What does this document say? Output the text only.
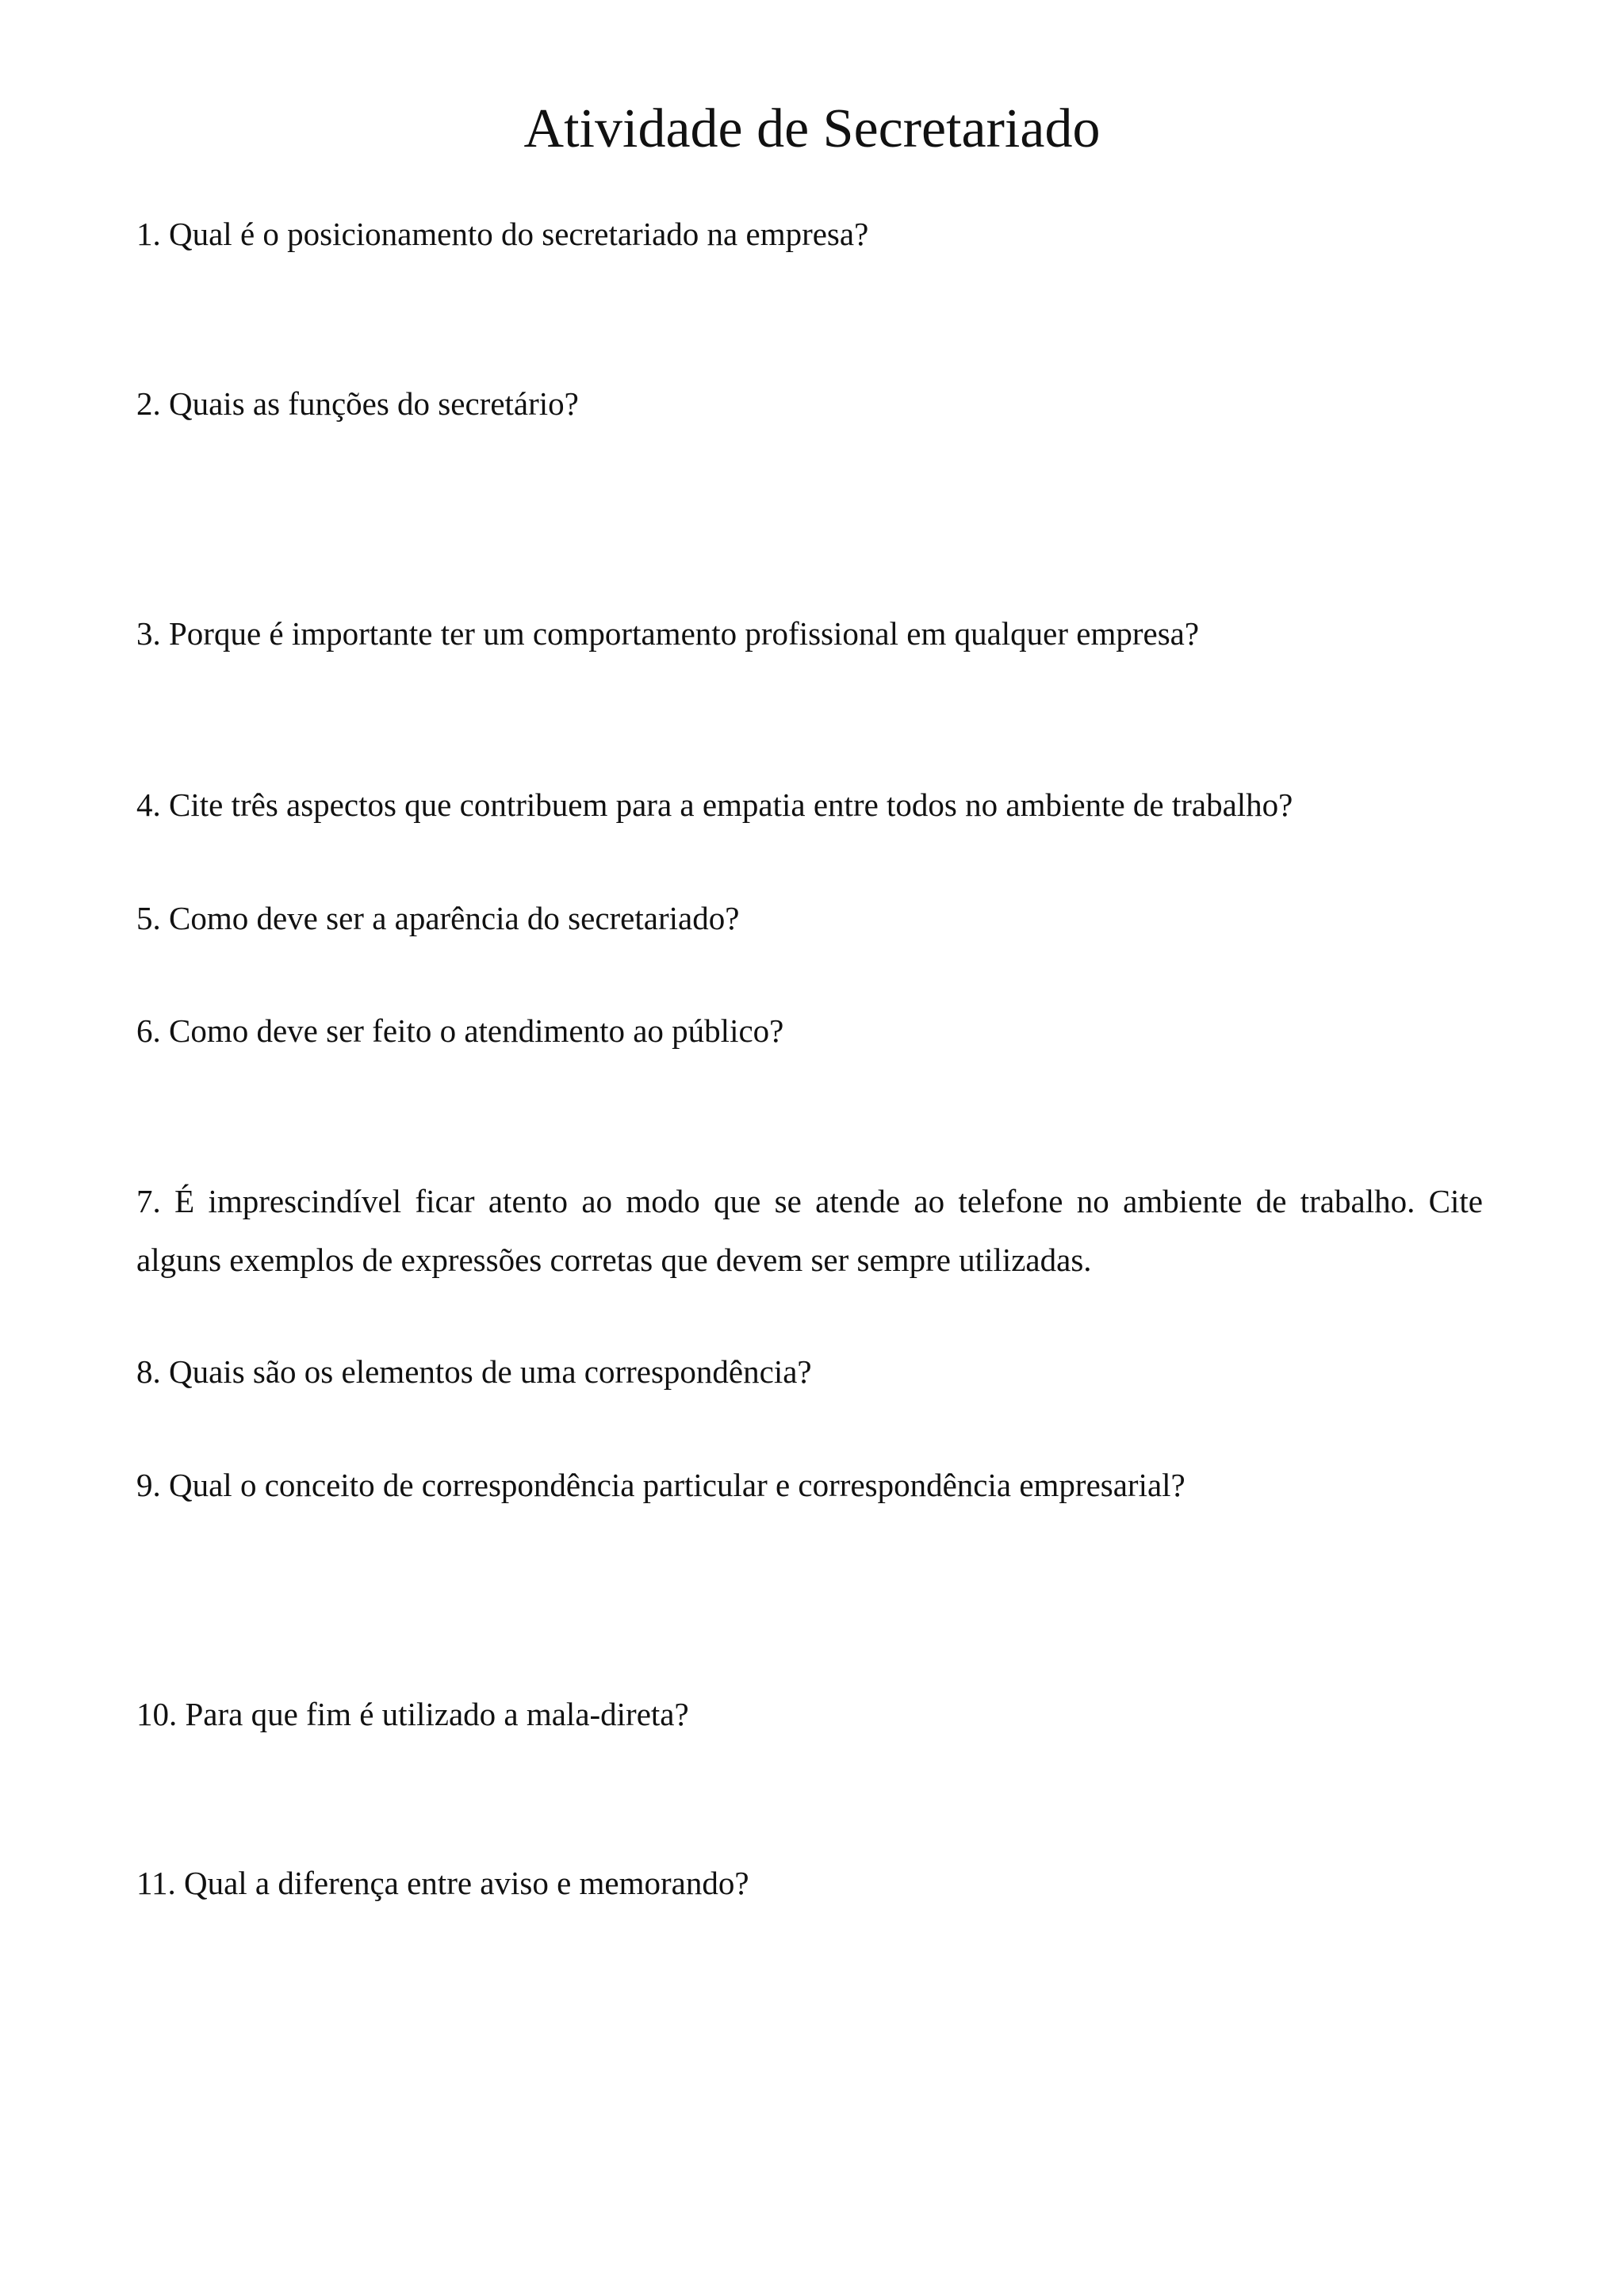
Atividade de Secretariado

1. Qual é o posicionamento do secretariado na empresa?

2. Quais as funções do secretário?

3. Porque é importante ter um comportamento profissional em qualquer empresa?

4. Cite três aspectos que contribuem para a empatia entre todos no ambiente de trabalho?

5. Como deve ser a aparência do secretariado?

6. Como deve ser feito o atendimento ao público?

7. É imprescindível ficar atento ao modo que se atende ao telefone no ambiente de trabalho. Cite alguns exemplos de expressões corretas que devem ser sempre utilizadas.

8. Quais são os elementos de uma correspondência?

9. Qual o conceito de correspondência particular e correspondência empresarial?

10. Para que fim é utilizado a mala-direta?

11. Qual a diferença entre aviso e memorando?
